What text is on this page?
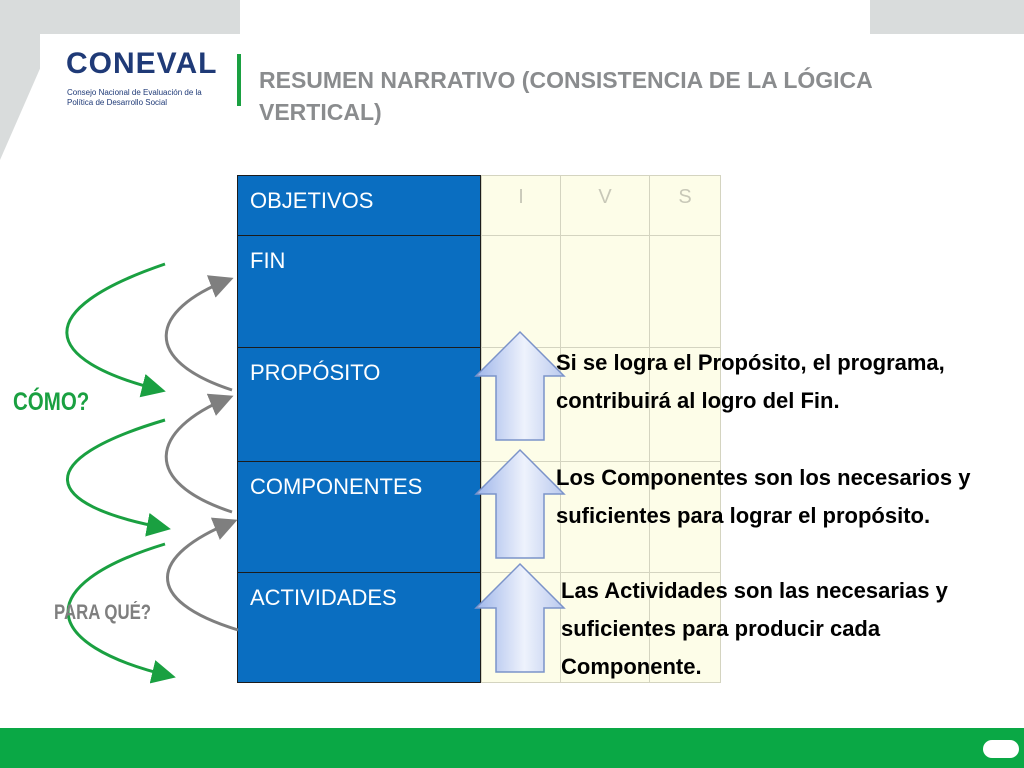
CONEVAL
Consejo Nacional de Evaluación de la Política de Desarrollo Social
RESUMEN NARRATIVO (CONSISTENCIA DE LA LÓGICA VERTICAL)
OBJETIVOS	I	V	S
FIN
PROPÓSITO
COMPONENTES
ACTIVIDADES
Si se logra el Propósito, el programa, contribuirá al logro del Fin.
Los Componentes son los necesarios y suficientes para lograr el propósito.
Las Actividades son las necesarias y suficientes para producir cada Componente.
CÓMO?
PARA QUÉ?
